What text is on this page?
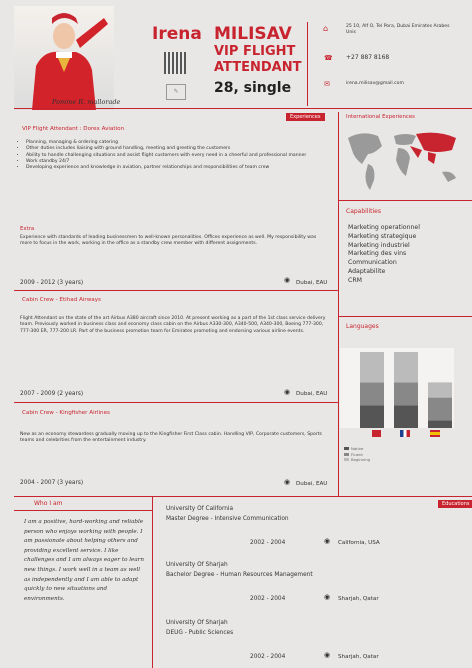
Pomme R. mallorade
✎
Irena MILISAV
VIP FLIGHT
ATTENDANT
28, single
⌂	25 10, Alf O, Tel Pora, Dubai Emirates Arabes Unis
☎ +27 887 8168
✉	irena.milisav@gmail.com
Experiences	International Experiences
VIP Flight Attendant : Dorex Aviation
• Planning, managing & ordering catering
• Other duties includes liaising with ground handling, meeting and greeting the customers
• Ability to handle challenging situations and assist flight customers with every need in a cheerful and professional manner
• Work standby 24/7
• Developing experience and knowledge in aviation, partner relationships and responsibilities of team crew
Extra
Experience with standards of leading businessmen to well-known personalities. Offices experience as well. My responsibility was more to focus in the work, working in the office as a standby crew member with different assignments.
2009 - 2012 (3 years)	◉ Dubai, EAU
Cabin Crew - Etihad Airways
Flight Attendant on the state of the art Airbus A380 aircraft since 2010. At present working as a part of the 1st class service delivery team. Previously worked in business class and economy class cabin on the Airbus A330-300, A340-500, A340-300, Boeing 777-300, 777-300 ER, 777-200 LR. Part of the business promotion team for Emirates promoting and endorsing various airline events.
2007 - 2009 (2 years)	◉ Dubai, EAU
Cabin Crew - Kingfisher Airlines
New as an economy stewardess gradually moving up to the Kingfisher First Class cabin. Handling VIP, Corporate customers, Sports teams and celebrities from the entertainment industry.
2004 - 2007 (3 years)	◉ Dubai, EAU
Capabilities
Marketing operationnel
Marketing strategique
Marketing industriel
Marketing des vins
Communication
Adaptabilite
CRM
Languages
Native
Fluent
Beginning
Who I am
I am a positive, hard-working and reliable person who enjoys working with people. I am passionate about helping others and providing excellent service. I like challenges and I am always eager to learn new things. I work well in a team as well as independently and I am able to adapt quickly to new situations and environments.
Educations
University Of California
Master Degree - Intensive Communication
2002 - 2004	◉ California, USA
University Of Sharjah
Bachelor Degree - Human Resources Management
2002 - 2004	◉ Sharjah, Qatar
University Of Sharjah
DEUG - Public Sciences
2002 - 2004	◉ Sharjah, Qatar
